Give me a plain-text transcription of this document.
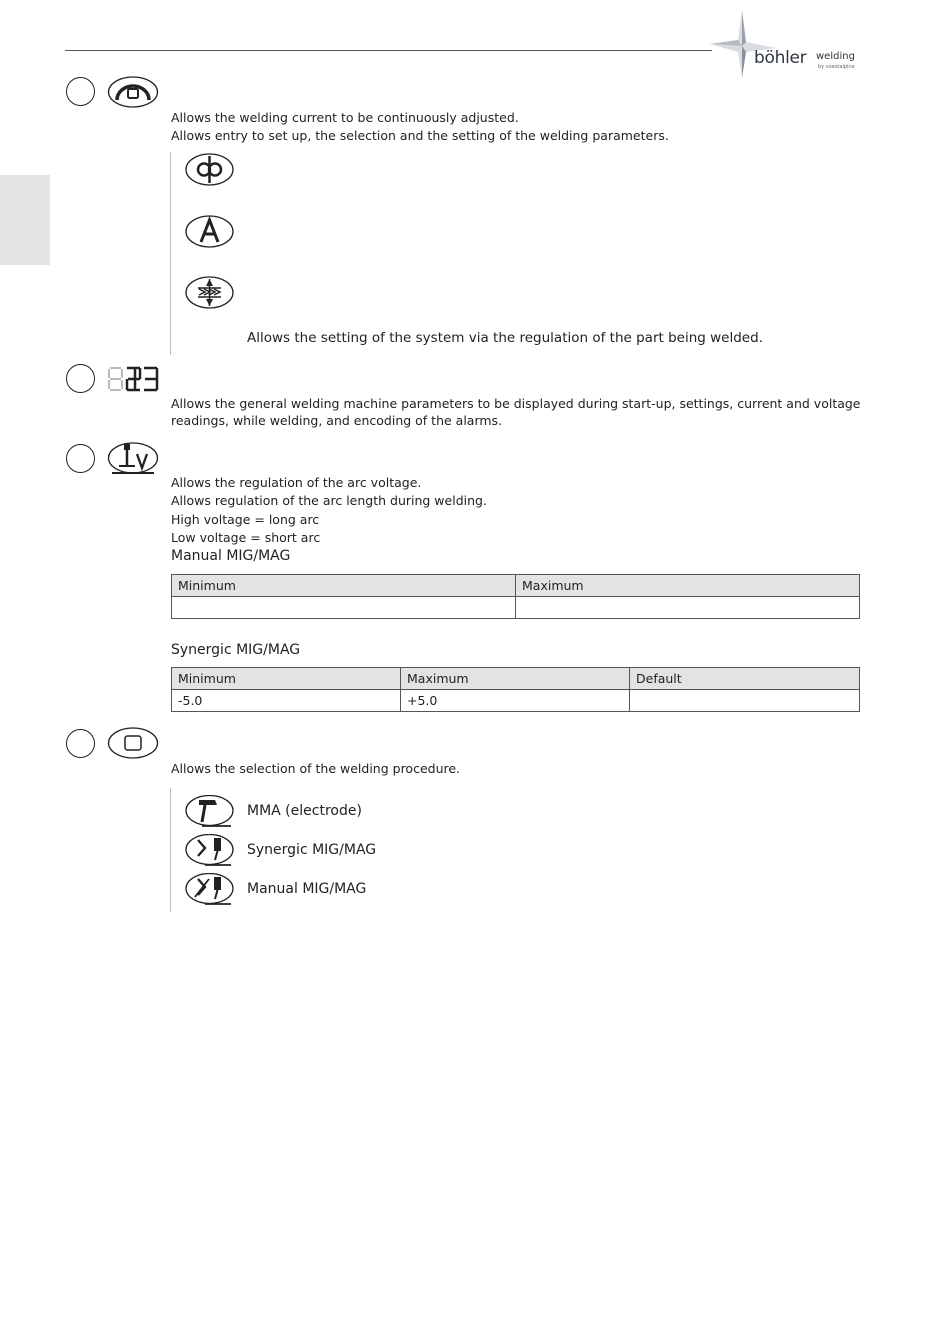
böhler welding
by voestalpine
Allows the welding current to be continuously adjusted.
Allows entry to set up, the selection and the setting of the welding parameters.
Allows the setting of the system via the regulation of the part being welded.
Allows the general welding machine parameters to be displayed during start-up, settings, current and voltage
readings, while welding, and encoding of the alarms.
Allows the regulation of the arc voltage.
Allows regulation of the arc length during welding.
High voltage = long arc
Low voltage = short arc
Manual MIG/MAG
Minimum	Maximum

Synergic MIG/MAG
Minimum	Maximum	Default
-5.0	+5.0	
Allows the selection of the welding procedure.
MMA (electrode)
Synergic MIG/MAG
Manual MIG/MAG
